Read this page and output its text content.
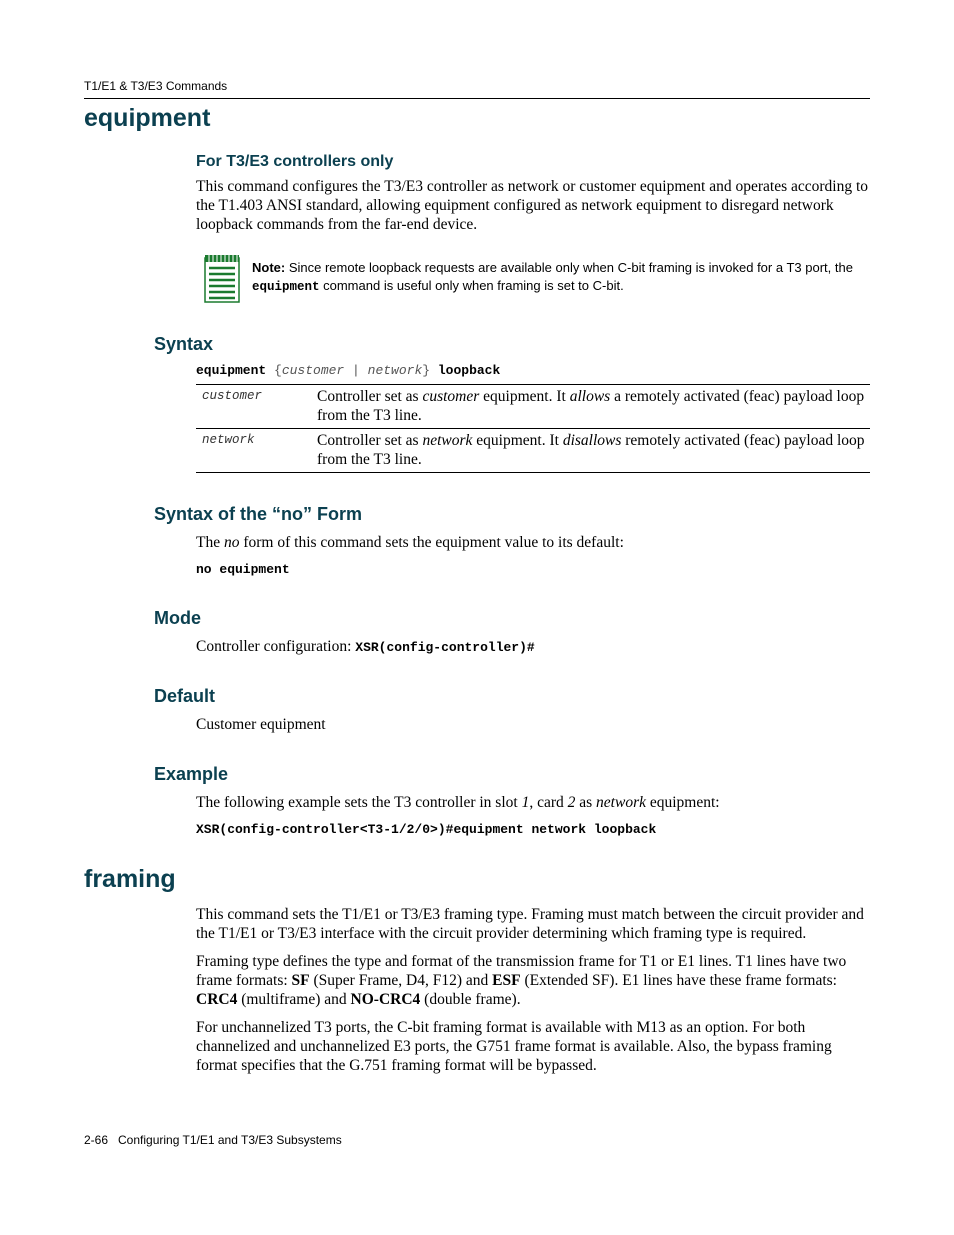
T1/E1 & T3/E3 Commands
equipment
For T3/E3 controllers only

This command configures the T3/E3 controller as network or customer equipment and operates according to the T1.403 ANSI standard, allowing equipment configured as network equipment to disregard network loopback commands from the far-end device.

Note: Since remote loopback requests are available only when C-bit framing is invoked for a T3 port, the equipment command is useful only when framing is set to C-bit.
Syntax
equipment {customer | network} loopback
customer	Controller set as customer equipment. It allows a remotely activated (feac) payload loop from the T3 line.
network	Controller set as network equipment. It disallows remotely activated (feac) payload loop from the T3 line.
Syntax of the “no” Form
The no form of this command sets the equipment value to its default:
no equipment
Mode
Controller configuration: XSR(config-controller)#
Default
Customer equipment
Example
The following example sets the T3 controller in slot 1, card 2 as network equipment:
XSR(config-controller<T3-1/2/0>)#equipment network loopback
framing

This command sets the T1/E1 or T3/E3 framing type. Framing must match between the circuit provider and the T1/E1 or T3/E3 interface with the circuit provider determining which framing type is required.

Framing type defines the type and format of the transmission frame for T1 or E1 lines. T1 lines have two frame formats: SF (Super Frame, D4, F12) and ESF (Extended SF). E1 lines have these frame formats: CRC4 (multiframe) and NO-CRC4 (double frame).

For unchannelized T3 ports, the C-bit framing format is available with M13 as an option. For both channelized and unchannelized E3 ports, the G751 frame format is available. Also, the bypass framing format specifies that the G.751 framing format will be bypassed.

2-66   Configuring T1/E1 and T3/E3 Subsystems
